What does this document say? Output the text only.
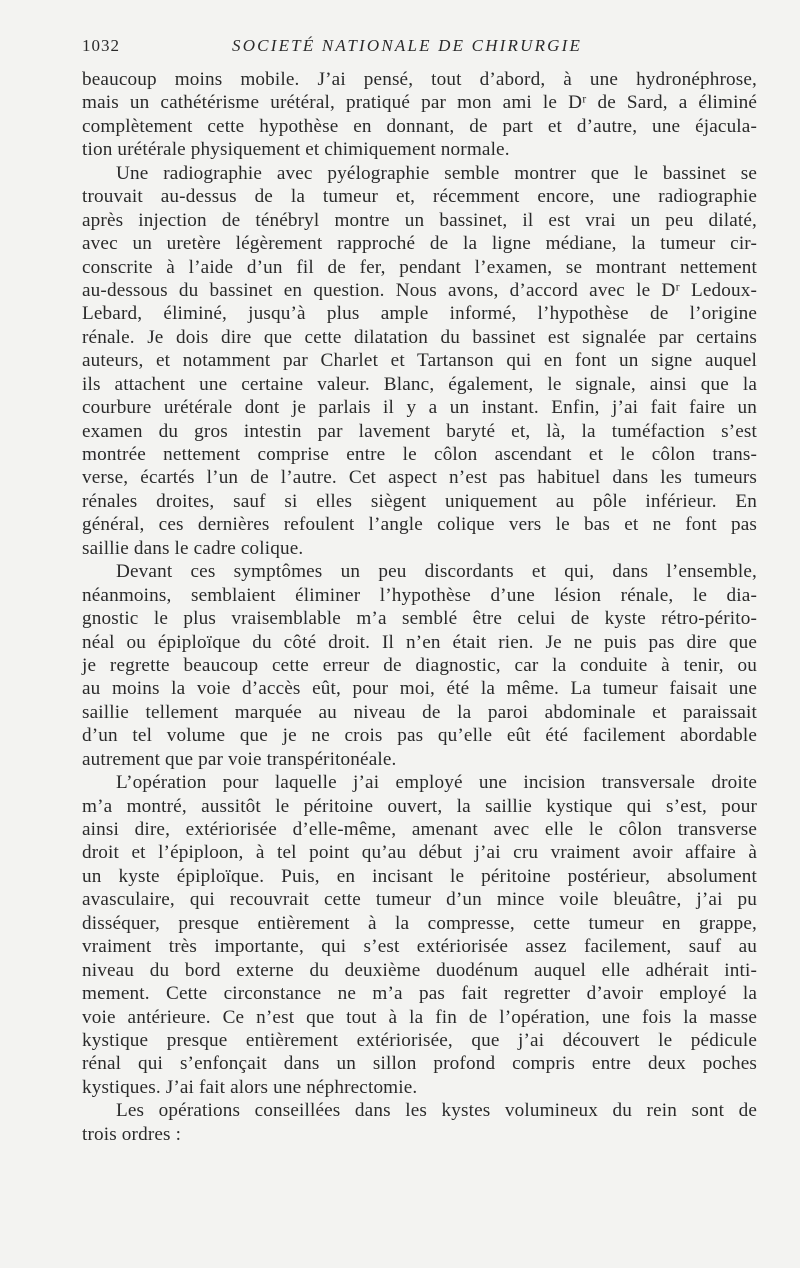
1032	SOCIETÉ NATIONALE DE CHIRURGIE
beaucoup moins mobile. J’ai pensé, tout d’abord, à une hydronéphrose,
mais un cathétérisme urétéral, pratiqué par mon ami le Dʳ de Sard, a éliminé
complètement cette hypothèse en donnant, de part et d’autre, une éjacula-
tion urétérale physiquement et chimiquement normale.
Une radiographie avec pyélographie semble montrer que le bassinet se
trouvait au-dessus de la tumeur et, récemment encore, une radiographie
après injection de ténébryl montre un bassinet, il est vrai un peu dilaté,
avec un uretère légèrement rapproché de la ligne médiane, la tumeur cir-
conscrite à l’aide d’un fil de fer, pendant l’examen, se montrant nettement
au-dessous du bassinet en question. Nous avons, d’accord avec le Dʳ Ledoux-
Lebard, éliminé, jusqu’à plus ample informé, l’hypothèse de l’origine
rénale. Je dois dire que cette dilatation du bassinet est signalée par certains
auteurs, et notamment par Charlet et Tartanson qui en font un signe auquel
ils attachent une certaine valeur. Blanc, également, le signale, ainsi que la
courbure urétérale dont je parlais il y a un instant. Enfin, j’ai fait faire un
examen du gros intestin par lavement baryté et, là, la tuméfaction s’est
montrée nettement comprise entre le côlon ascendant et le côlon trans-
verse, écartés l’un de l’autre. Cet aspect n’est pas habituel dans les tumeurs
rénales droites, sauf si elles siègent uniquement au pôle inférieur. En
général, ces dernières refoulent l’angle colique vers le bas et ne font pas
saillie dans le cadre colique.
Devant ces symptômes un peu discordants et qui, dans l’ensemble,
néanmoins, semblaient éliminer l’hypothèse d’une lésion rénale, le dia-
gnostic le plus vraisemblable m’a semblé être celui de kyste rétro-périto-
néal ou épiploïque du côté droit. Il n’en était rien. Je ne puis pas dire que
je regrette beaucoup cette erreur de diagnostic, car la conduite à tenir, ou
au moins la voie d’accès eût, pour moi, été la même. La tumeur faisait une
saillie tellement marquée au niveau de la paroi abdominale et paraissait
d’un tel volume que je ne crois pas qu’elle eût été facilement abordable
autrement que par voie transpéritonéale.
L’opération pour laquelle j’ai employé une incision transversale droite
m’a montré, aussitôt le péritoine ouvert, la saillie kystique qui s’est, pour
ainsi dire, extériorisée d’elle-même, amenant avec elle le côlon transverse
droit et l’épiploon, à tel point qu’au début j’ai cru vraiment avoir affaire à
un kyste épiploïque. Puis, en incisant le péritoine postérieur, absolument
avasculaire, qui recouvrait cette tumeur d’un mince voile bleuâtre, j’ai pu
disséquer, presque entièrement à la compresse, cette tumeur en grappe,
vraiment très importante, qui s’est extériorisée assez facilement, sauf au
niveau du bord externe du deuxième duodénum auquel elle adhérait inti-
mement. Cette circonstance ne m’a pas fait regretter d’avoir employé la
voie antérieure. Ce n’est que tout à la fin de l’opération, une fois la masse
kystique presque entièrement extériorisée, que j’ai découvert le pédicule
rénal qui s’enfonçait dans un sillon profond compris entre deux poches
kystiques. J’ai fait alors une néphrectomie.
Les opérations conseillées dans les kystes volumineux du rein sont de
trois ordres :
